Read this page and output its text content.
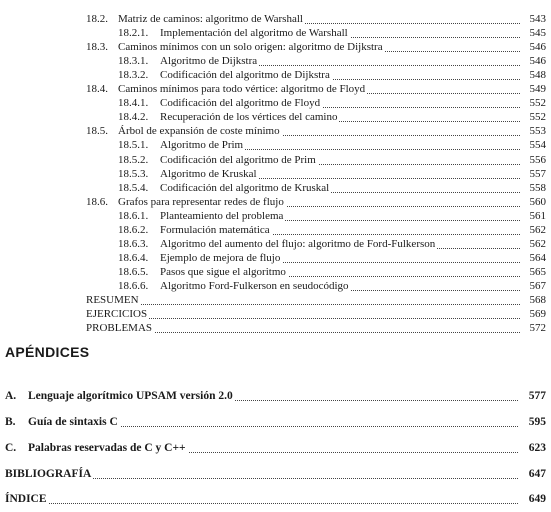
18.2. Matriz de caminos: algoritmo de Warshall	543
18.2.1. Implementación del algoritmo de Warshall	545
18.3. Caminos mínimos con un solo origen: algoritmo de Dijkstra	546
18.3.1. Algoritmo de Dijkstra	546
18.3.2. Codificación del algoritmo de Dijkstra	548
18.4. Caminos mínimos para todo vértice: algoritmo de Floyd	549
18.4.1. Codificación del algoritmo de Floyd	552
18.4.2. Recuperación de los vértices del camino	552
18.5. Árbol de expansión de coste mínimo	553
18.5.1. Algoritmo de Prim	554
18.5.2. Codificación del algoritmo de Prim	556
18.5.3. Algoritmo de Kruskal	557
18.5.4. Codificación del algoritmo de Kruskal	558
18.6. Grafos para representar redes de flujo	560
18.6.1. Planteamiento del problema	561
18.6.2. Formulación matemática	562
18.6.3. Algoritmo del aumento del flujo: algoritmo de Ford-Fulkerson	562
18.6.4. Ejemplo de mejora de flujo	564
18.6.5. Pasos que sigue el algoritmo	565
18.6.6. Algoritmo Ford-Fulkerson en seudocódigo	567
RESUMEN	568
EJERCICIOS	569
PROBLEMAS	572
APÉNDICES
A. Lenguaje algorítmico UPSAM versión 2.0	577
B. Guía de sintaxis C	595
C. Palabras reservadas de C y C++	623
BIBLIOGRAFÍA	647
ÍNDICE	649
